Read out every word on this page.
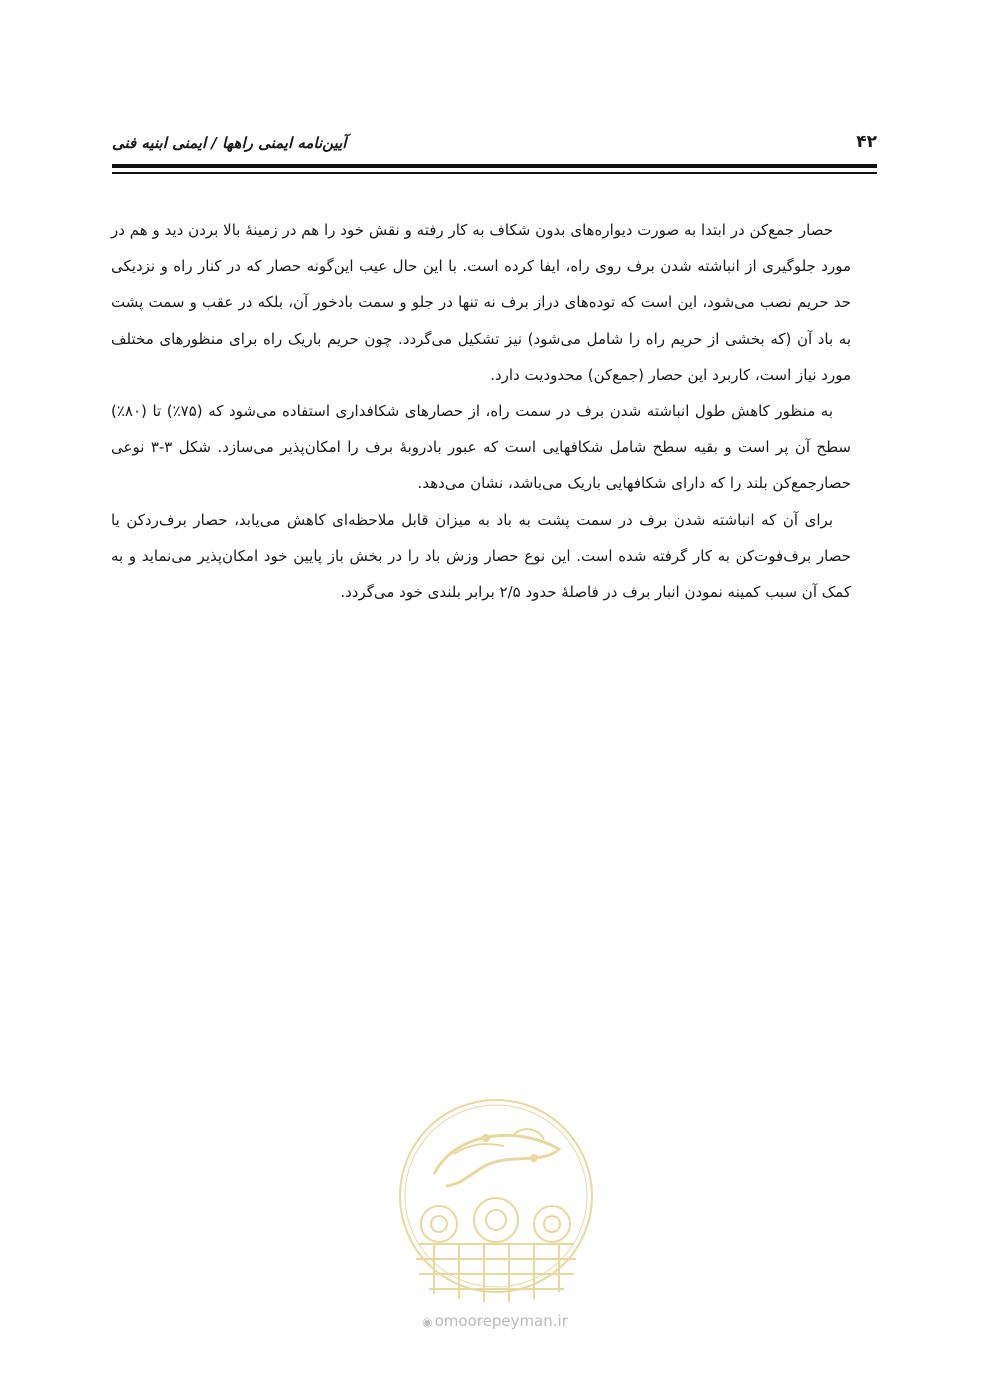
۴۲
آیین‌نامه ایمنی راهها / ایمنی ابنیه فنی

حصار جمع‌کن در ابتدا به صورت دیواره‌های بدون شکاف به کار رفته و نقش خود را هم در زمینهٔ بالا بردن دید و هم در مورد جلوگیری از انباشته شدن برف روی راه، ایفا کرده است. با این حال عیب این‌گونه حصار که در کنار راه و نزدیکی حد حریم نصب می‌شود، این است که توده‌های دراز برف نه تنها در جلو و سمت بادخور آن، بلکه در عقب و سمت پشت به باد آن (که بخشی از حریم راه را شامل می‌شود) نیز تشکیل می‌گردد. چون حریم باریک راه برای منظورهای مختلف مورد نیاز است، کاربرد این حصار (جمع‌کن) محدودیت دارد.

به منظور کاهش طول انباشته شدن برف در سمت راه، از حصارهای شکافداری استفاده می‌شود که (۷۵٪) تا (۸۰٪) سطح آن پر است و بقیه سطح شامل شکافهایی است که عبور بادروبهٔ برف را امکان‌پذیر می‌سازد. شکل ۳-۳ نوعی حصارجمع‌کن بلند را که دارای شکافهایی باریک می‌باشد، نشان می‌دهد.

برای آن که انباشته شدن برف در سمت پشت به باد به میزان قابل ملاحظه‌ای کاهش می‌یابد، حصار برف‌ردکن یا حصار برف‌فوت‌کن به کار گرفته شده است. این نوع حصار وزش باد را در بخش باز پایین خود امکان‌پذیر می‌نماید و به کمک آن سبب کمینه نمودن انبار برف در فاصلهٔ حدود ۲/۵ برابر بلندی خود می‌گردد.

◉ omoorepeyman.ir
